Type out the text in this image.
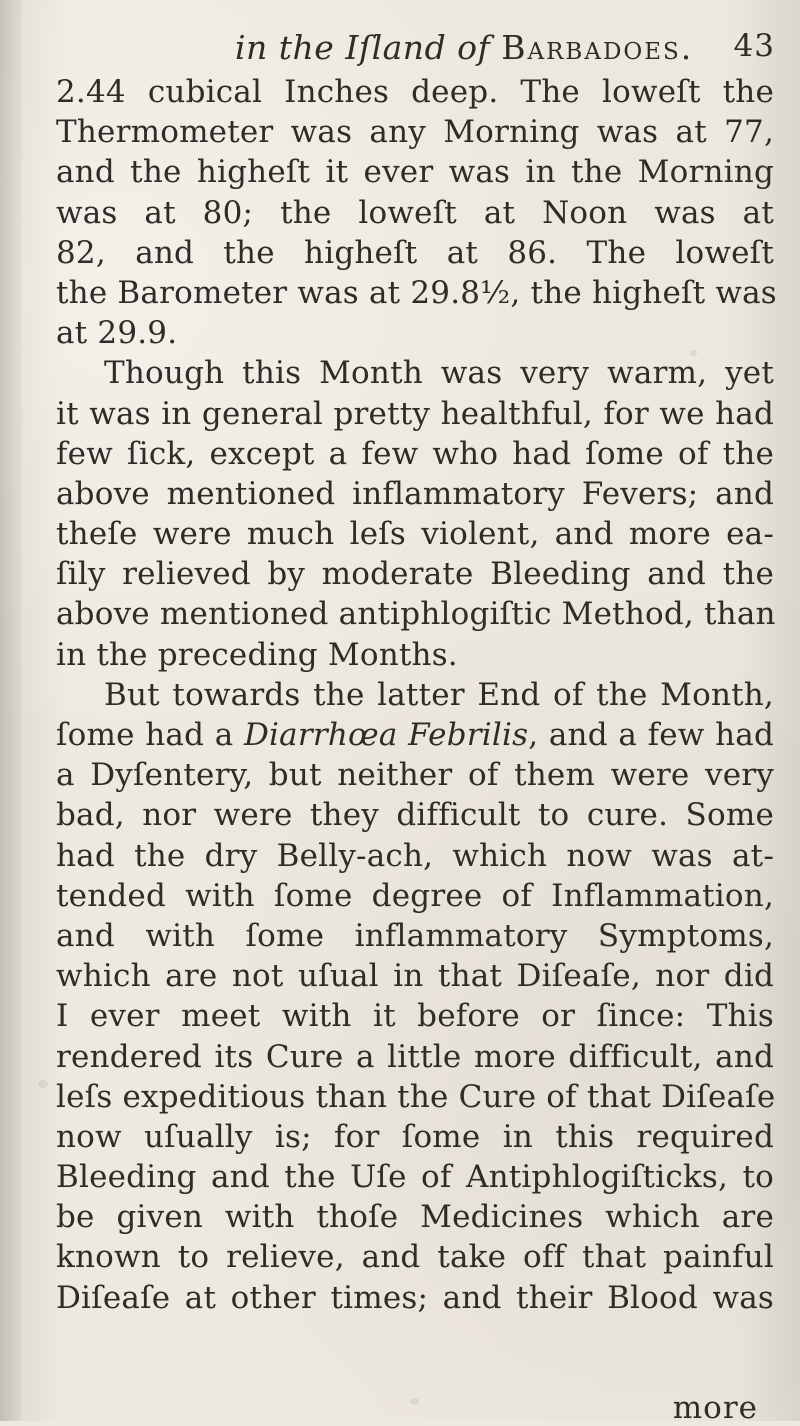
in the Iſland of Barbadoes. 43
2.44 cubical Inches deep. The loweſt the
Thermometer was any Morning was at 77,
and the higheſt it ever was in the Morning
was at 80; the loweſt at Noon was at
82, and the higheſt at 86. The loweſt
the Barometer was at 29.8½, the higheſt was
at 29.9.
Though this Month was very warm, yet
it was in general pretty healthful, for we had
few ſick, except a few who had ſome of the
above mentioned inflammatory Fevers; and
theſe were much leſs violent, and more ea-
ſily relieved by moderate Bleeding and the
above mentioned antiphlogiſtic Method, than
in the preceding Months.
But towards the latter End of the Month,
ſome had a Diarrhœa Febrilis, and a few had
a Dyſentery, but neither of them were very
bad, nor were they difficult to cure. Some
had the dry Belly-ach, which now was at-
tended with ſome degree of Inflammation,
and with ſome inflammatory Symptoms,
which are not uſual in that Diſeaſe, nor did
I ever meet with it before or ſince: This
rendered its Cure a little more difficult, and
leſs expeditious than the Cure of that Diſeaſe
now uſually is; for ſome in this required
Bleeding and the Uſe of Antiphlogiſticks, to
be given with thoſe Medicines which are
known to relieve, and take off that painful
Diſeaſe at other times; and their Blood was
more
